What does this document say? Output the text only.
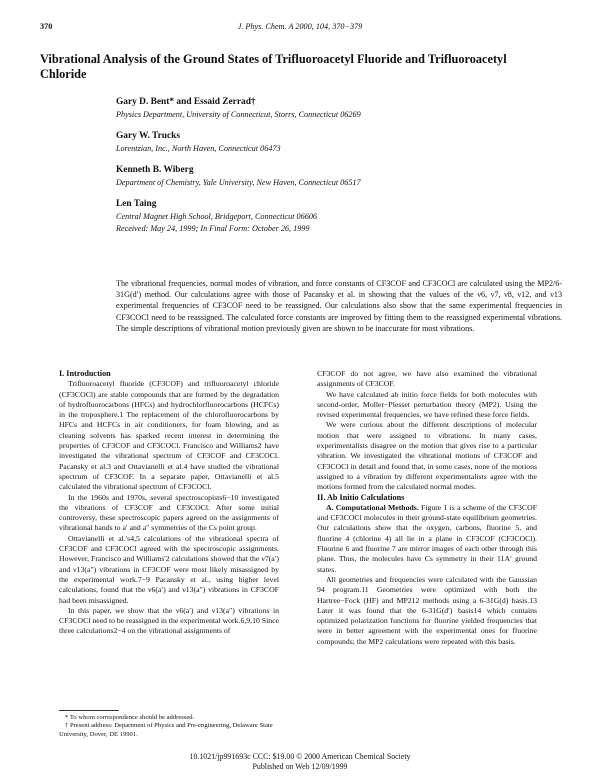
370	J. Phys. Chem. A 2000, 104, 370−379
Vibrational Analysis of the Ground States of Trifluoroacetyl Fluoride and Trifluoroacetyl Chloride
Gary D. Bent* and Essaid Zerrad†
Physics Department, University of Connecticut, Storrs, Connecticut 06269
Gary W. Trucks
Lorentzian, Inc., North Haven, Connecticut 06473
Kenneth B. Wiberg
Department of Chemistry, Yale University, New Haven, Connecticut 06517
Len Taing
Central Magnet High School, Bridgeport, Connecticut 06606
Received: May 24, 1999; In Final Form: October 26, 1999

The vibrational frequencies, normal modes of vibration, and force constants of CF3COF and CF3COCl are calculated using the MP2/6-31G(d′) method. Our calculations agree with those of Pacansky et al. in showing that the values of the ν6, ν7, ν8, ν12, and ν13 experimental frequencies of CF3COF need to be reassigned. Our calculations also show that the same experimental frequencies in CF3COCl need to be reassigned. The calculated force constants are improved by fitting them to the reassigned experimental vibrations. The simple descriptions of vibrational motion previously given are shown to be inaccurate for most vibrations.

I. Introduction

Trifluoroacetyl fluoride (CF3COF) and trifluoroacetyl chloride (CF3COCl) are stable compounds that are formed by the degradation of hydrofluorocarbons (HFCs) and hydrochlorfluorocarbons (HCFCs) in the troposphere.1 The replacement of the chlorofluorocarbons by HFCs and HCFCs in air conditioners, for foam blowing, and as cleaning solvents has sparked recent interest in determining the properties of CF3COF and CF3COCl. Francisco and Williams2 have investigated the vibrational spectrum of CF3COF and CF3COCl. Pacansky et al.3 and Ottavianelli et al.4 have studied the vibrational spectrum of CF3COF. In a separate paper, Ottavianelli et al.5 calculated the vibrational spectrum of CF3COCl.

In the 1960s and 1970s, several spectroscopists6−10 investigated the vibrations of CF3COF and CF3COCl. After some initial controversy, these spectroscopic papers agreed on the assignments of vibrational bands to a′ and a″ symmetries of the Cs point group.

Ottavianelli et al.'s4,5 calculations of the vibrational spectra of CF3COF and CF3COCl agreed with the spectroscopic assignments. However, Francisco and Williams'2 calculations showed that the ν7(a′) and ν13(a″) vibrations in CF3COF were most likely misassigned by the experimental work.7−9 Pacansky et al., using higher level calculations, found that the ν6(a′) and ν13(a″) vibrations in CF3COF had been misassigned.

In this paper, we show that the ν6(a′) and ν13(a″) vibrations in CF3COCl need to be reassigned in the experimental work.6,9,10 Since three calculations2−4 on the vibrational assignments of

CF3COF do not agree, we have also examined the vibrational assignments of CF3COF.

We have calculated ab initio force fields for both molecules with second-order, Moller−Plesset perturbation theory (MP2). Using the revised experimental frequencies, we have refined these force fields.

We were curious about the different descriptions of molecular motion that were assigned to vibrations. In many cases, experimentalists disagree on the motion that gives rise to a particular vibration. We investigated the vibrational motions of CF3COF and CF3COCl in detail and found that, in some cases, none of the motions assigned to a vibration by different experimentalists agree with the motions formed from the calculated normal modes.

II. Ab Initio Calculations

A. Computational Methods. Figure 1 is a scheme of the CF3COF and CF3COCl molecules in their ground-state equilibrium geometries. Our calculations show that the oxygen, carbons, fluorine 5, and fluorine 4 (chlorine 4) all lie in a plane in CF3COF (CF3COCl). Fluorine 6 and fluorine 7 are mirror images of each other through this plane. Thus, the molecules have Cs symmetry in their 11A′ ground states.

All geometries and frequencies were calculated with the Gaussian 94 program.11 Geometries were optimized with both the Hartree−Fock (HF) and MP212 methods using a 6-31G(d) basis.13 Later it was found that the 6-31G(d′) basis14 which contains optimized polarization functions for fluorine yielded frequencies that were in better agreement with the experimental ones for fluorine compounds; the MP2 calculations were repeated with this basis.

* To whom correspondence should be addressed.
† Present address: Department of Physics and Pre-engineering, Delaware State University, Dover, DE 19901.
10.1021/jp991693c CCC: $19.00 © 2000 American Chemical Society
Published on Web 12/09/1999
